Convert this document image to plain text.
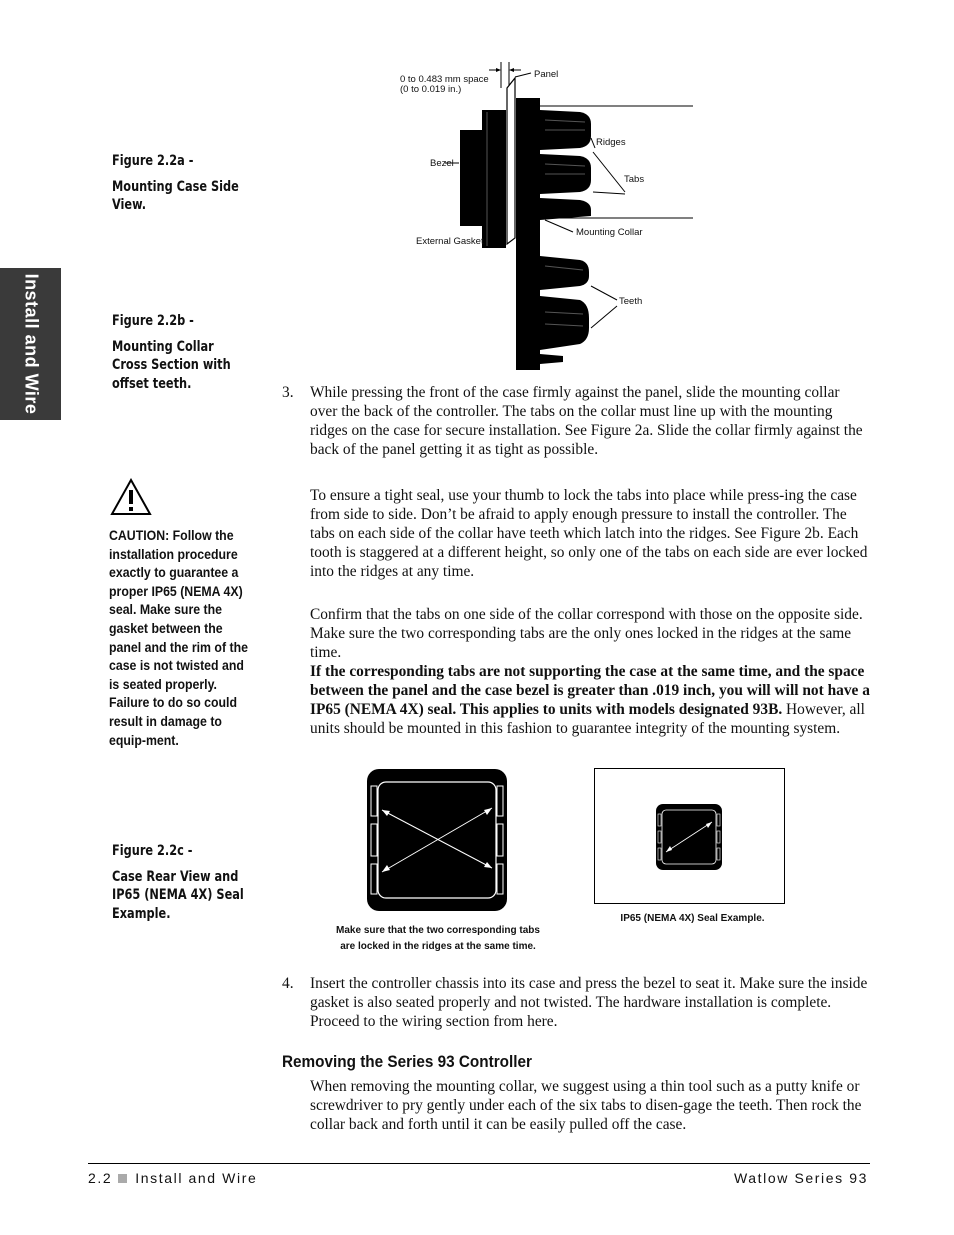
Install and Wire
Figure 2.2a -
Mounting Case Side View.
Figure 2.2b -
Mounting Collar Cross Section with offset teeth.
Figure 2.2c -
Case Rear View and IP65 (NEMA 4X) Seal Example.
CAUTION: Follow the installation procedure exactly to guarantee a proper IP65 (NEMA 4X) seal. Make sure the gasket between the panel and the rim of the case is not twisted and is seated properly. Failure to do so could result in damage to equip-ment.
0 to 0.483 mm space
(0 to 0.019 in.)
Panel
Ridges
Bezel
Tabs
Mounting Collar
External Gasket
Teeth
3. While pressing the front of the case firmly against the panel, slide the mounting collar over the back of the controller. The tabs on the collar must line up with the mounting ridges on the case for secure installation. See Figure 2a. Slide the collar firmly against the back of the panel getting it as tight as possible.
To ensure a tight seal, use your thumb to lock the tabs into place while press-ing the case from side to side. Don’t be afraid to apply enough pressure to install the controller. The tabs on each side of the collar have teeth which latch into the ridges. See Figure 2b. Each tooth is staggered at a different height, so only one of the tabs on each side are ever locked into the ridges at any time.
Confirm that the tabs on one side of the collar correspond with those on the opposite side. Make sure the two corresponding tabs are the only ones locked in the ridges at the same time.
If the corresponding tabs are not supporting the case at the same time, and the space between the panel and the case bezel is greater than .019 inch, you will will not have a IP65 (NEMA 4X) seal. This applies to units with models designated 93B. However, all units should be mounted in this fashion to guarantee integrity of the mounting system.
Make sure that the two corresponding tabs
are locked in the ridges at the same time.
IP65 (NEMA 4X) Seal Example.
4. Insert the controller chassis into its case and press the bezel to seat it. Make sure the inside gasket is also seated properly and not twisted. The hardware installation is complete. Proceed to the wiring section from here.
Removing the Series 93 Controller
When removing the mounting collar, we suggest using a thin tool such as a putty knife or screwdriver to pry gently under each of the six tabs to disen-gage the teeth. Then rock the collar back and forth until it can be easily pulled off the case.
2.2 Install and Wire	Watlow Series 93
